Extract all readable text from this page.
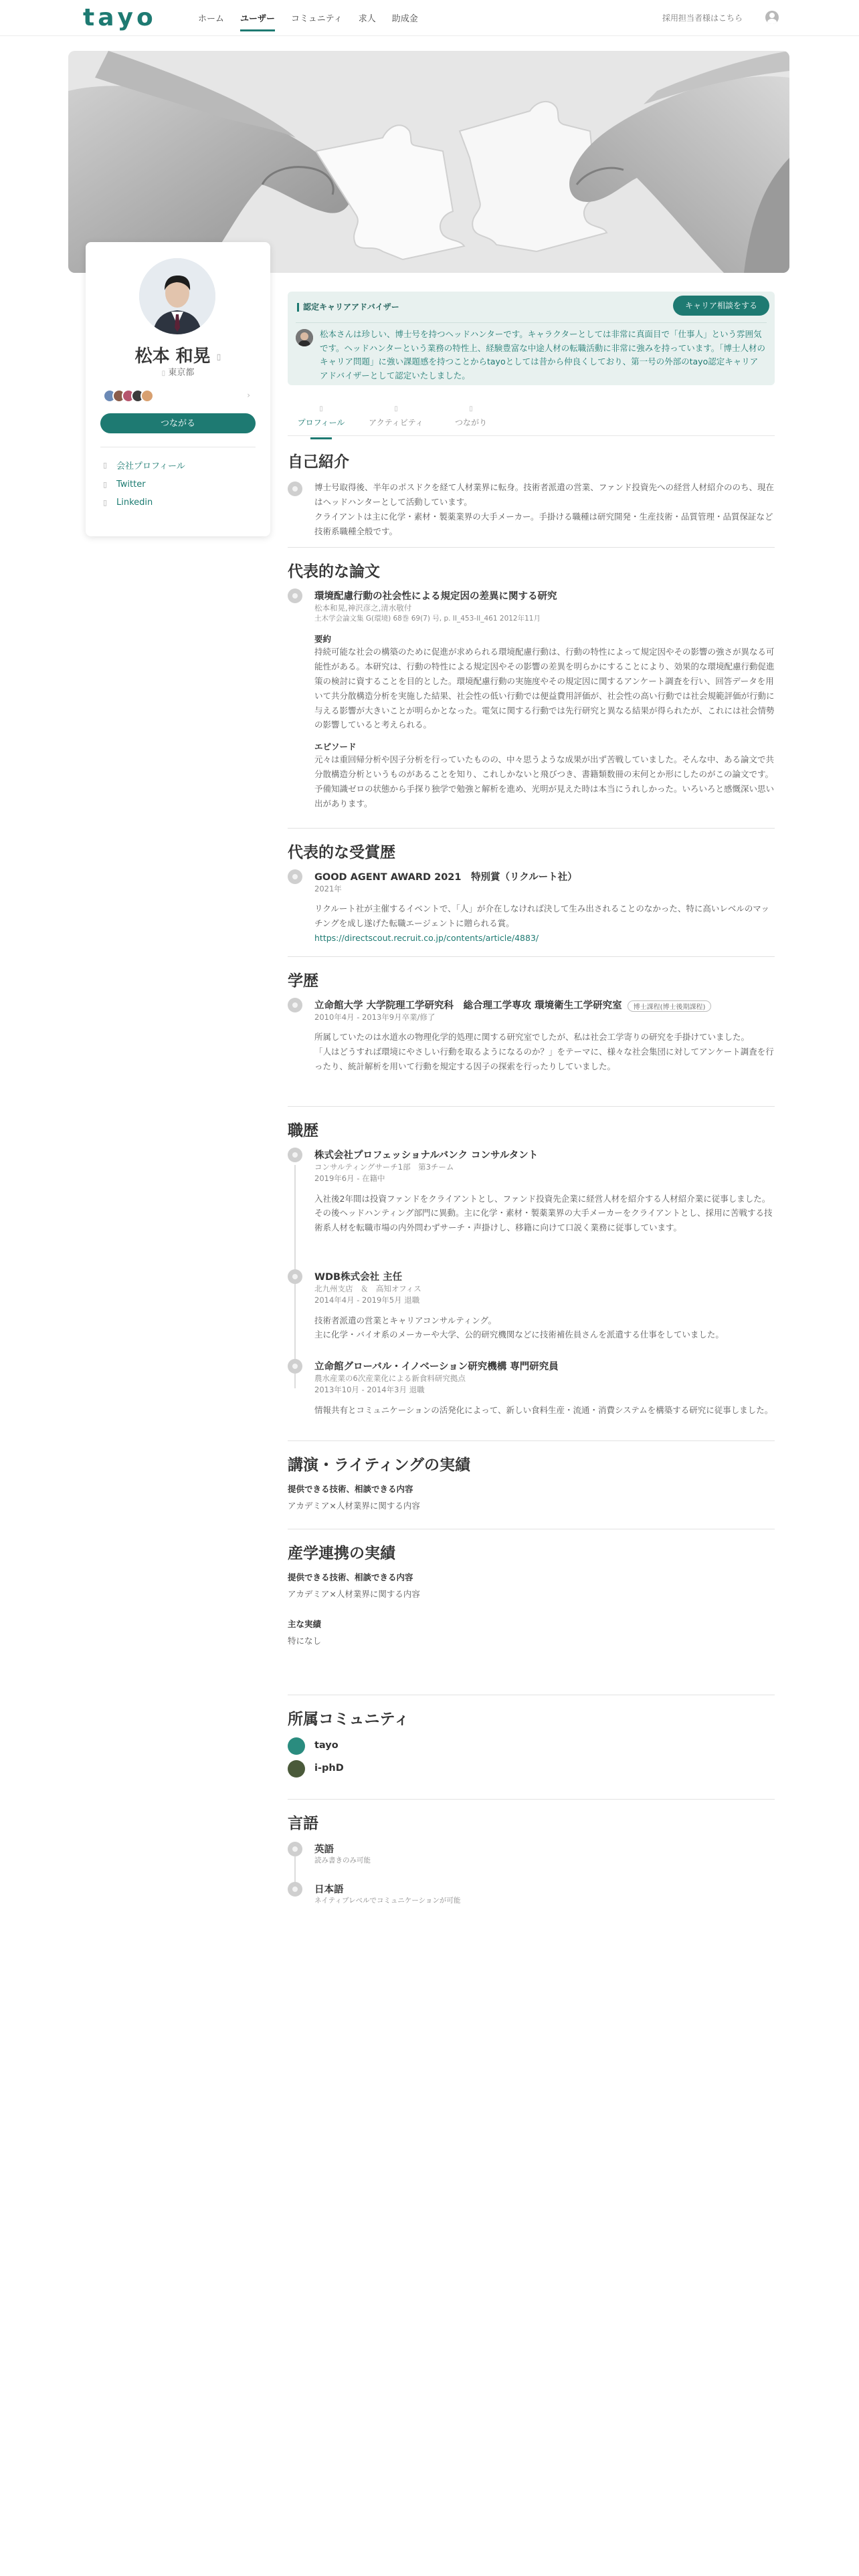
t a y o	ホーム ユーザー コミュニティ 求人 助成金	採用担当者様はこちら
松本 和晃 ▯
▯ 東京都
›
つながる
▯	会社プロフィール
▯	Twitter
▯	Linkedin
認定キャリアアドバイザー	キャリア相談をする
松本さんは珍しい、博士号を持つヘッドハンターです。キャラクターとしては非常に真面目で「仕事人」という雰囲気です。ヘッドハンターという業務の特性上、経験豊富な中途人材の転職活動に非常に強みを持っています。「博士人材のキャリア問題」に強い課題感を持つことからtayoとしては昔から仲良くしており、第一号の外部のtayo認定キャリアアドバイザーとして認定いたしました。
▯
プロフィール
▯
アクティビティ
▯
つながり
自己紹介
博士号取得後、半年のポスドクを経て人材業界に転身。技術者派遣の営業、ファンド投資先への経営人材紹介ののち、現在はヘッドハンターとして活動しています。
クライアントは主に化学・素材・製薬業界の大手メーカー。手掛ける職種は研究開発・生産技術・品質管理・品質保証など技術系職種全般です。
代表的な論文
環境配慮行動の社会性による規定因の差異に関する研究
松本和晃,神沢彦之,清水敬付
土木学会論文集 G(環境) 68巻 69(7) 号, p. II_453-II_461 2012年11月
要約
持続可能な社会の構築のために促進が求められる環境配慮行動は、行動の特性によって規定因やその影響の強さが異なる可能性がある。本研究は、行動の特性による規定因やその影響の差異を明らかにすることにより、効果的な環境配慮行動促進策の検討に資することを目的とした。環境配慮行動の実施度やその規定因に関するアンケート調査を行い、回答データを用いて共分散構造分析を実施した結果、社会性の低い行動では便益費用評価が、社会性の高い行動では社会規範評価が行動に与える影響が大きいことが明らかとなった。電気に関する行動では先行研究と異なる結果が得られたが、これには社会情勢の影響していると考えられる。
エピソード
元々は重回帰分析や因子分析を行っていたものの、中々思うような成果が出ず苦戦していました。そんな中、ある論文で共分散構造分析というものがあることを知り、これしかないと飛びつき、書籍類数冊の末何とか形にしたのがこの論文です。予備知識ゼロの状態から手探り独学で勉強と解析を進め、光明が見えた時は本当にうれしかった。いろいろと感慨深い思い出があります。
代表的な受賞歴
GOOD AGENT AWARD 2021　特別賞（リクルート社）
2021年
リクルート社が主催するイベントで、「人」が介在しなければ決して生み出されることのなかった、特に高いレベルのマッチングを成し遂げた転職エージェントに贈られる賞。
https://directscout.recruit.co.jp/contents/article/4883/
学歴
立命館大学 大学院理工学研究科　総合理工学専攻 環境衛生工学研究室 博士課程(博士後期課程)
2010年4月 - 2013年9月卒業/修了
所属していたのは水道水の物理化学的処理に関する研究室でしたが、私は社会工学寄りの研究を手掛けていました。
「人はどうすれば環境にやさしい行動を取るようになるのか？」をテーマに、様々な社会集団に対してアンケート調査を行ったり、統計解析を用いて行動を規定する因子の探索を行ったりしていました。
職歴
株式会社プロフェッショナルバンク コンサルタント
コンサルティングサーチ1部　第3チーム
2019年6月 - 在籍中
入社後2年間は投資ファンドをクライアントとし、ファンド投資先企業に経営人材を紹介する人材紹介業に従事しました。
その後ヘッドハンティング部門に異動。主に化学・素材・製薬業界の大手メーカーをクライアントとし、採用に苦戦する技術系人材を転職市場の内外問わずサーチ・声掛けし、移籍に向けて口説く業務に従事しています。
WDB株式会社 主任
北九州支店　＆　高知オフィス
2014年4月 - 2019年5月 退職
技術者派遣の営業とキャリアコンサルティング。
主に化学・バイオ系のメーカーや大学、公的研究機関などに技術補佐員さんを派遣する仕事をしていました。
立命館グローバル・イノベーション研究機構 専門研究員
農水産業の6次産業化による新食料研究拠点
2013年10月 - 2014年3月 退職
情報共有とコミュニケーションの活発化によって、新しい食料生産・流通・消費システムを構築する研究に従事しました。
講演・ライティングの実績
提供できる技術、相談できる内容
アカデミア×人材業界に関する内容
産学連携の実績
提供できる技術、相談できる内容
アカデミア×人材業界に関する内容
主な実績
特になし
所属コミュニティ
tayo
i-phD
言語
英語
読み書きのみ可能
日本語
ネイティブレベルでコミュニケーションが可能
